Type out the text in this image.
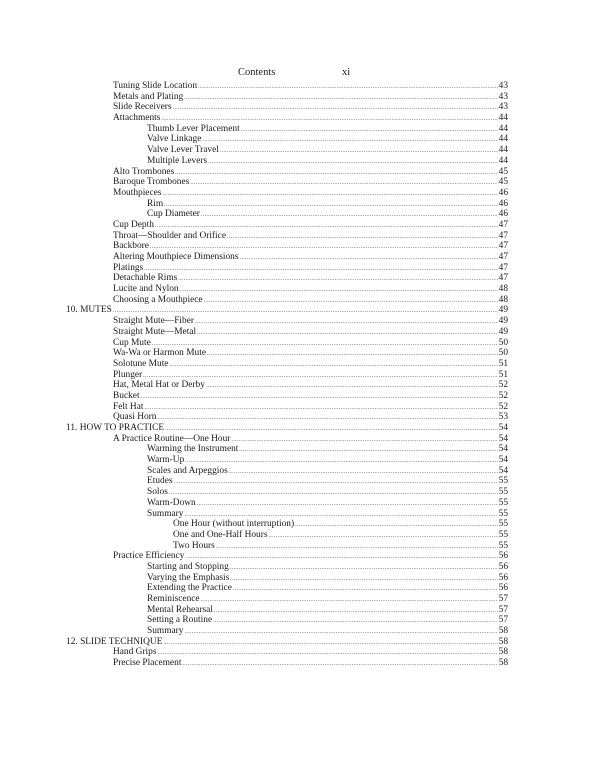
Contents	xi
Tuning Slide Location .....	43
Metals and Plating .....	43
Slide Receivers .....	43
Attachments .....	44
Thumb Lever Placement .....	44
Valve Linkage .....	44
Valve Lever Travel .....	44
Multiple Levers .....	44
Alto Trombones .....	45
Baroque Trombones .....	45
Mouthpieces .....	46
Rim .....	46
Cup Diameter .....	46
Cup Depth .....	47
Throat—Shoulder and Orifice .....	47
Backbore .....	47
Altering Mouthpiece Dimensions .....	47
Platings .....	47
Detachable Rims .....	47
Lucite and Nylon .....	48
Choosing a Mouthpiece .....	48
10. MUTES .....	49
Straight Mute—Fiber .....	49
Straight Mute—Metal .....	49
Cup Mute .....	50
Wa-Wa or Harmon Mute .....	50
Solotune Mute .....	51
Plunger .....	51
Hat, Metal Hat or Derby .....	52
Bucket .....	52
Felt Hat .....	52
Quasi Horn .....	53
11. HOW TO PRACTICE .....	54
A Practice Routine—One Hour .....	54
Warming the Instrument .....	54
Warm-Up .....	54
Scales and Arpeggios .....	54
Etudes .....	55
Solos .....	55
Warm-Down .....	55
Summary .....	55
One Hour (without interruption) .....	55
One and One-Half Hours .....	55
Two Hours .....	55
Practice Efficiency .....	56
Starting and Stopping .....	56
Varying the Emphasis .....	56
Extending the Practice .....	56
Reminiscence .....	57
Mental Rehearsal .....	57
Setting a Routine .....	57
Summary .....	58
12. SLIDE TECHNIQUE .....	58
Hand Grips .....	58
Precise Placement .....	58
